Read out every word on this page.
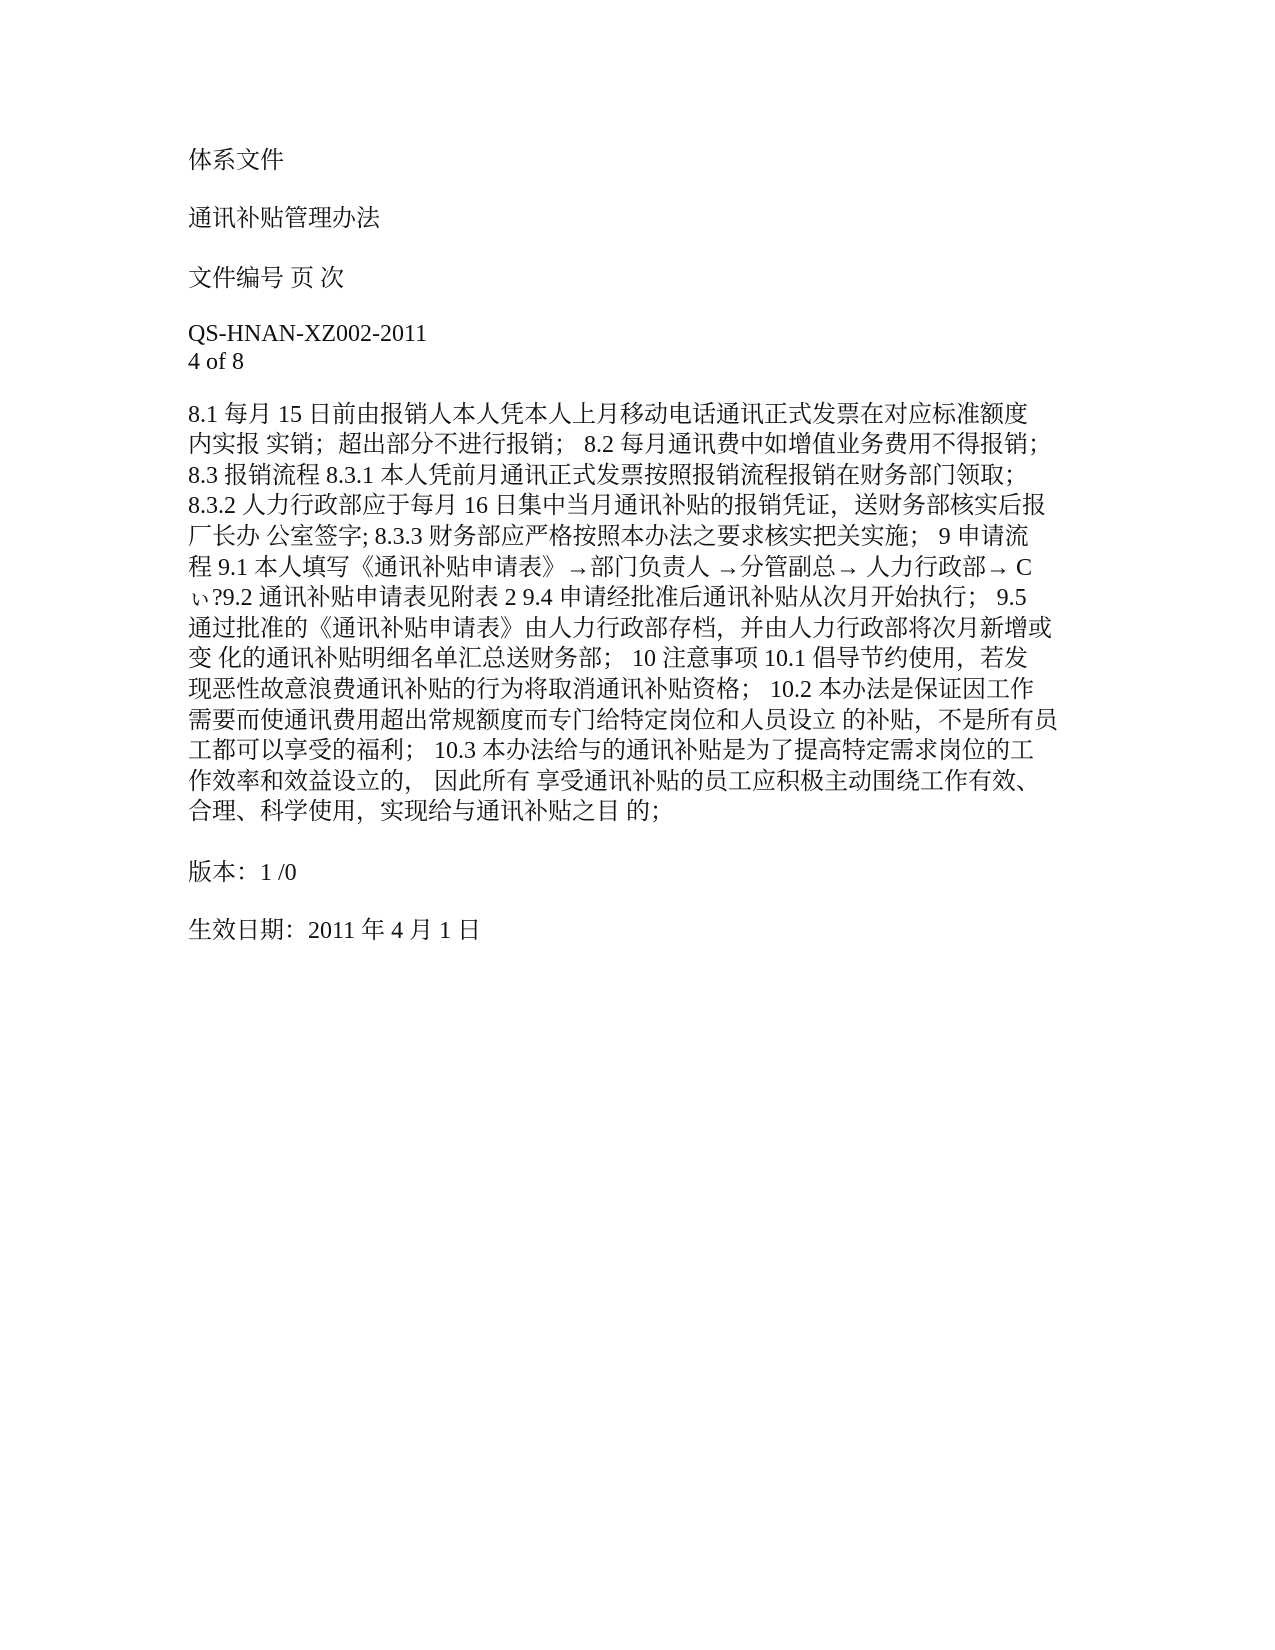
体系文件
通讯补贴管理办法
文件编号 页 次
QS-HNAN-XZ002-2011
4 of 8
8.1 每月 15 日前由报销人本人凭本人上月移动电话通讯正式发票在对应标准额度
内实报 实销；超出部分不进行报销； 8.2 每月通讯费中如增值业务费用不得报销；
8.3 报销流程 8.3.1 本人凭前月通讯正式发票按照报销流程报销在财务部门领取；
8.3.2 人力行政部应于每月 16 日集中当月通讯补贴的报销凭证，送财务部核实后报
厂长办 公室签字; 8.3.3 财务部应严格按照本办法之要求核实把关实施； 9 申请流
程 9.1 本人填写《通讯补贴申请表》→部门负责人 →分管副总→ 人力行政部→ C
ぃ?9.2 通讯补贴申请表见附表 2 9.4 申请经批准后通讯补贴从次月开始执行； 9.5
通过批准的《通讯补贴申请表》由人力行政部存档，并由人力行政部将次月新增或
变 化的通讯补贴明细名单汇总送财务部； 10 注意事项 10.1 倡导节约使用，若发
现恶性故意浪费通讯补贴的行为将取消通讯补贴资格； 10.2 本办法是保证因工作
需要而使通讯费用超出常规额度而专门给特定岗位和人员设立 的补贴，不是所有员
工都可以享受的福利； 10.3 本办法给与的通讯补贴是为了提高特定需求岗位的工
作效率和效益设立的， 因此所有 享受通讯补贴的员工应积极主动围绕工作有效、
合理、科学使用，实现给与通讯补贴之目 的；
版本：1 /0
生效日期：2011 年 4 月 1 日
